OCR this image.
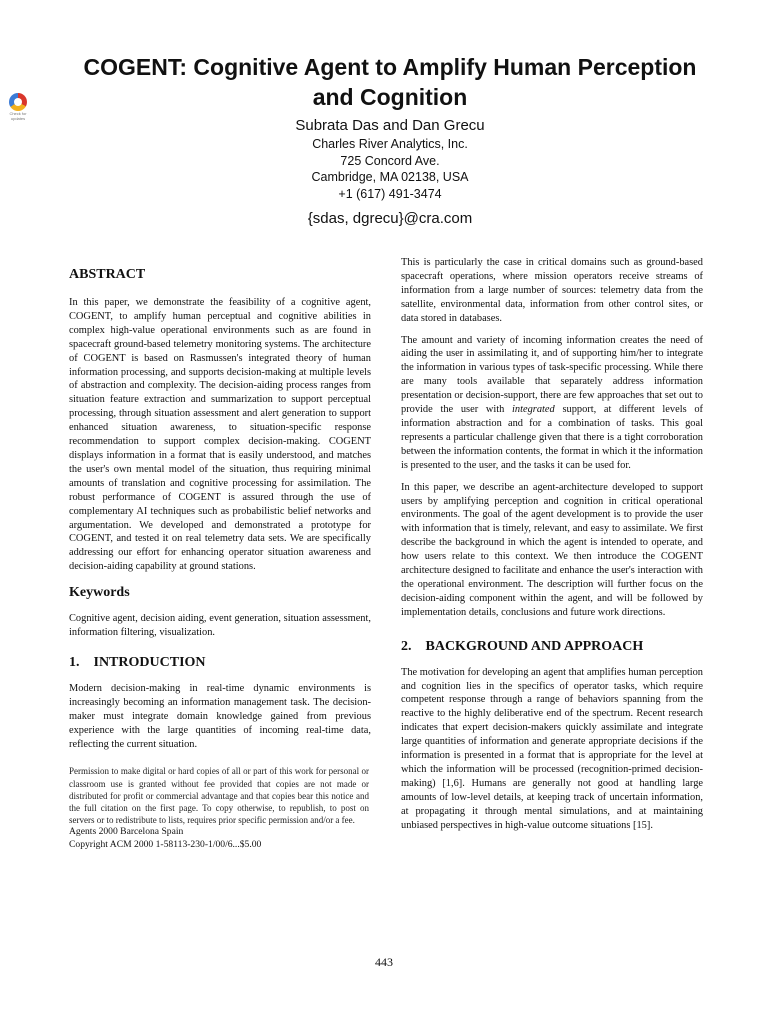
Check for
updates
COGENT: Cognitive Agent to Amplify Human Perception and Cognition
Subrata Das and Dan Grecu
Charles River Analytics, Inc.
725 Concord Ave.
Cambridge, MA 02138, USA
+1 (617) 491-3474
{sdas, dgrecu}@cra.com
ABSTRACT

In this paper, we demonstrate the feasibility of a cognitive agent, COGENT, to amplify human perceptual and cognitive abilities in complex high-value operational environments such as are found in spacecraft ground-based telemetry monitoring systems. The architecture of COGENT is based on Rasmussen's integrated theory of human information processing, and supports decision-making at multiple levels of abstraction and complexity. The decision-aiding process ranges from situation feature extraction and summarization to support perceptual processing, through situation assessment and alert generation to support enhanced situation awareness, to situation-specific response recommendation to support complex decision-making. COGENT displays information in a format that is easily understood, and matches the user's own mental model of the situation, thus requiring minimal amounts of translation and cognitive processing for assimilation. The robust performance of COGENT is assured through the use of complementary AI techniques such as probabilistic belief networks and argumentation. We developed and demonstrated a prototype for COGENT, and tested it on real telemetry data sets. We are specifically addressing our effort for enhancing operator situation awareness and decision-aiding capability at ground stations.

Keywords

Cognitive agent, decision aiding, event generation, situation assessment, information filtering, visualization.

1. INTRODUCTION

Modern decision-making in real-time dynamic environments is increasingly becoming an information management task. The decision-maker must integrate domain knowledge gained from previous experience with the large quantities of incoming real-time data, reflecting the current situation.

Permission to make digital or hard copies of all or part of this work for personal or classroom use is granted without fee provided that copies are not made or distributed for profit or commercial advantage and that copies bear this notice and the full citation on the first page. To copy otherwise, to republish, to post on servers or to redistribute to lists, requires prior specific permission and/or a fee.
Agents 2000 Barcelona Spain
Copyright ACM 2000 1-58113-230-1/00/6...$5.00

This is particularly the case in critical domains such as ground-based spacecraft operations, where mission operators receive streams of information from a large number of sources: telemetry data from the satellite, environmental data, information from other control sites, or data stored in databases.

The amount and variety of incoming information creates the need of aiding the user in assimilating it, and of supporting him/her to integrate the information in various types of task-specific processing. While there are many tools available that separately address information presentation or decision-support, there are few approaches that set out to provide the user with integrated support, at different levels of information abstraction and for a combination of tasks. This goal represents a particular challenge given that there is a tight corroboration between the information contents, the format in which it the information is presented to the user, and the tasks it can be used for.

In this paper, we describe an agent-architecture developed to support users by amplifying perception and cognition in critical operational environments. The goal of the agent development is to provide the user with information that is timely, relevant, and easy to assimilate. We first describe the background in which the agent is intended to operate, and how users relate to this context. We then introduce the COGENT architecture designed to facilitate and enhance the user's interaction with the operational environment. The description will further focus on the decision-aiding component within the agent, and will be followed by implementation details, conclusions and future work directions.

2. BACKGROUND AND APPROACH

The motivation for developing an agent that amplifies human perception and cognition lies in the specifics of operator tasks, which require competent response through a range of behaviors spanning from the reactive to the highly deliberative end of the spectrum. Recent research indicates that expert decision-makers quickly assimilate and integrate large quantities of information and generate appropriate decisions if the information is presented in a format that is appropriate for the level at which the information will be processed (recognition-primed decision-making) [1,6]. Humans are generally not good at handling large amounts of low-level details, at keeping track of uncertain information, at propagating it through mental simulations, and at maintaining unbiased perspectives in high-value outcome situations [15].

443
